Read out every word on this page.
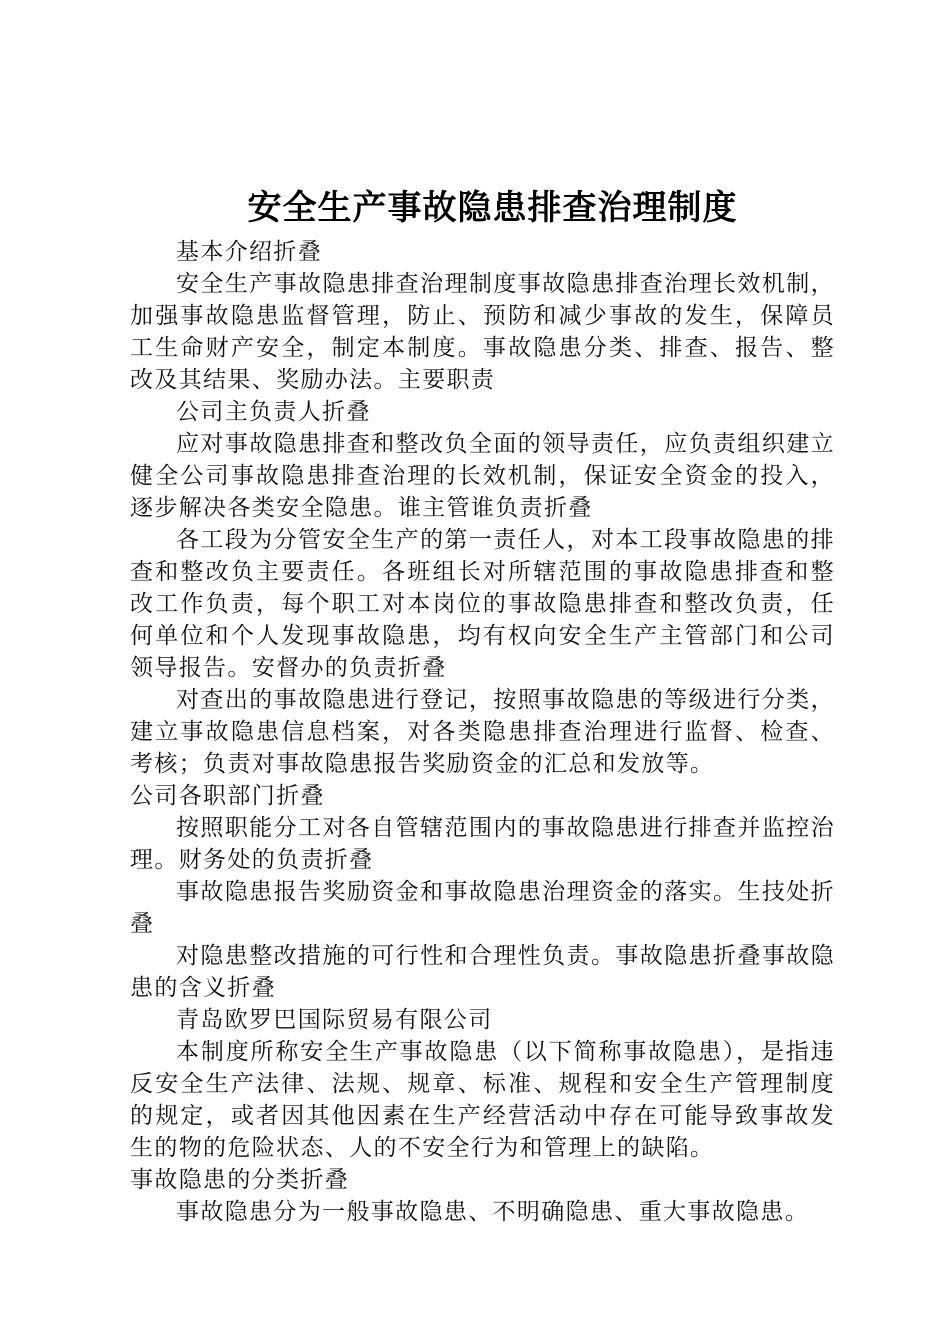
安全生产事故隐患排查治理制度

基本介绍折叠

安全生产事故隐患排查治理制度事故隐患排查治理长效机制，加强事故隐患监督管理，防止、预防和减少事故的发生，保障员工生命财产安全，制定本制度。事故隐患分类、排查、报告、整改及其结果、奖励办法。主要职责

公司主负责人折叠

应对事故隐患排查和整改负全面的领导责任，应负责组织建立健全公司事故隐患排查治理的长效机制，保证安全资金的投入，逐步解决各类安全隐患。谁主管谁负责折叠

各工段为分管安全生产的第一责任人，对本工段事故隐患的排查和整改负主要责任。各班组长对所辖范围的事故隐患排查和整改工作负责，每个职工对本岗位的事故隐患排查和整改负责，任何单位和个人发现事故隐患，均有权向安全生产主管部门和公司领导报告。安督办的负责折叠

对查出的事故隐患进行登记，按照事故隐患的等级进行分类，建立事故隐患信息档案，对各类隐患排查治理进行监督、检查、考核；负责对事故隐患报告奖励资金的汇总和发放等。

公司各职部门折叠

按照职能分工对各自管辖范围内的事故隐患进行排查并监控治理。财务处的负责折叠

事故隐患报告奖励资金和事故隐患治理资金的落实。生技处折叠

对隐患整改措施的可行性和合理性负责。事故隐患折叠事故隐患的含义折叠

青岛欧罗巴国际贸易有限公司

本制度所称安全生产事故隐患（以下简称事故隐患），是指违反安全生产法律、法规、规章、标准、规程和安全生产管理制度的规定，或者因其他因素在生产经营活动中存在可能导致事故发生的物的危险状态、人的不安全行为和管理上的缺陷。

事故隐患的分类折叠

事故隐患分为一般事故隐患、不明确隐患、重大事故隐患。
